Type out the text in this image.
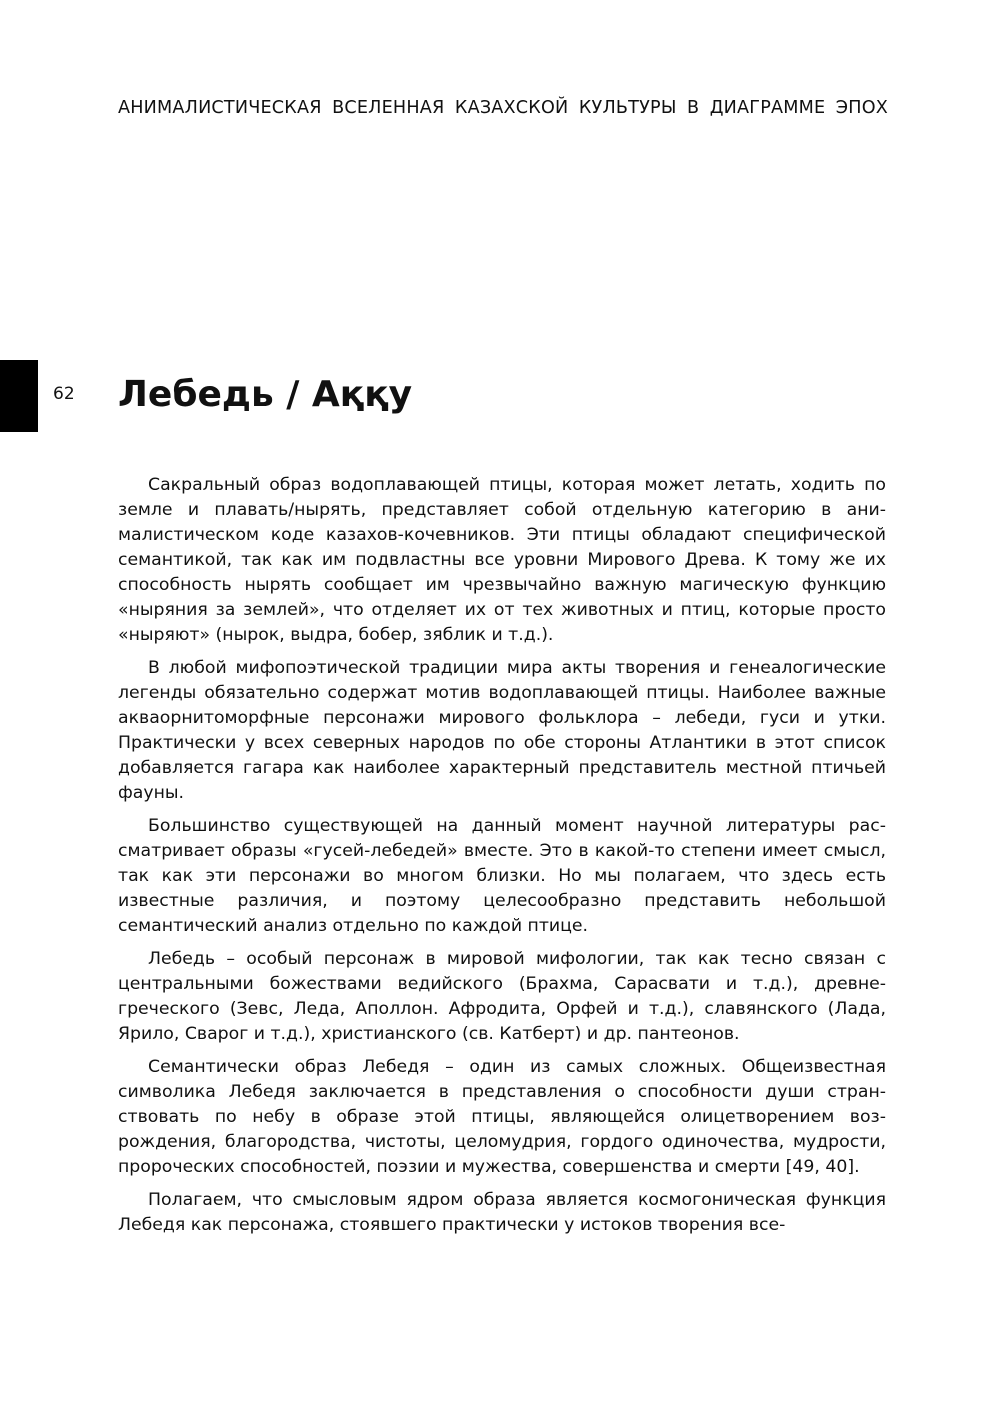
АНИМАЛИСТИЧЕСКАЯ ВСЕЛЕННАЯ КАЗАХСКОЙ КУЛЬТУРЫ В ДИАГРАММЕ ЭПОХ
62 Лебедь / Аққу

Сакральный образ водоплавающей птицы, которая может летать, ходить по земле и плавать/нырять, представляет собой отдельную категорию в анималистическом коде казахов-кочевников. Эти птицы обладают специфической семантикой, так как им подвластны все уровни Мирового Древа. К тому же их способность нырять сообщает им чрезвычайно важную магическую функцию «ныряния за землей», что отделяет их от тех животных и птиц, которые просто «ныряют» (нырок, выдра, бобер, зяблик и т.д.).

В любой мифопоэтической традиции мира акты творения и генеалогические легенды обязательно содержат мотив водоплавающей птицы. Наиболее важные акваорнитоморфные персонажи мирового фольклора – лебеди, гуси и утки. Практически у всех северных народов по обе стороны Атлантики в этот список добавляется гагара как наиболее характерный представитель местной птичьей фауны.

Большинство существующей на данный момент научной литературы рассматривает образы «гусей-лебедей» вместе. Это в какой-то степени имеет смысл, так как эти персонажи во многом близки. Но мы полагаем, что здесь есть известные различия, и поэтому целесообразно представить небольшой семантический анализ отдельно по каждой птице.

Лебедь – особый персонаж в мировой мифологии, так как тесно связан с центральными божествами ведийского (Брахма, Сарасвати и т.д.), древнегреческого (Зевс, Леда, Аполлон. Афродита, Орфей и т.д.), славянского (Лада, Ярило, Сварог и т.д.), христианского (св. Катберт) и др. пантеонов.

Семантически образ Лебедя – один из самых сложных. Общеизвестная символика Лебедя заключается в представления о способности души странствовать по небу в образе этой птицы, являющейся олицетворением возрождения, благородства, чистоты, целомудрия, гордого одиночества, мудрости, пророческих способностей, поэзии и мужества, совершенства и смерти [49, 40].

Полагаем, что смысловым ядром образа является космогоническая функция Лебедя как персонажа, стоявшего практически у истоков творения все-
